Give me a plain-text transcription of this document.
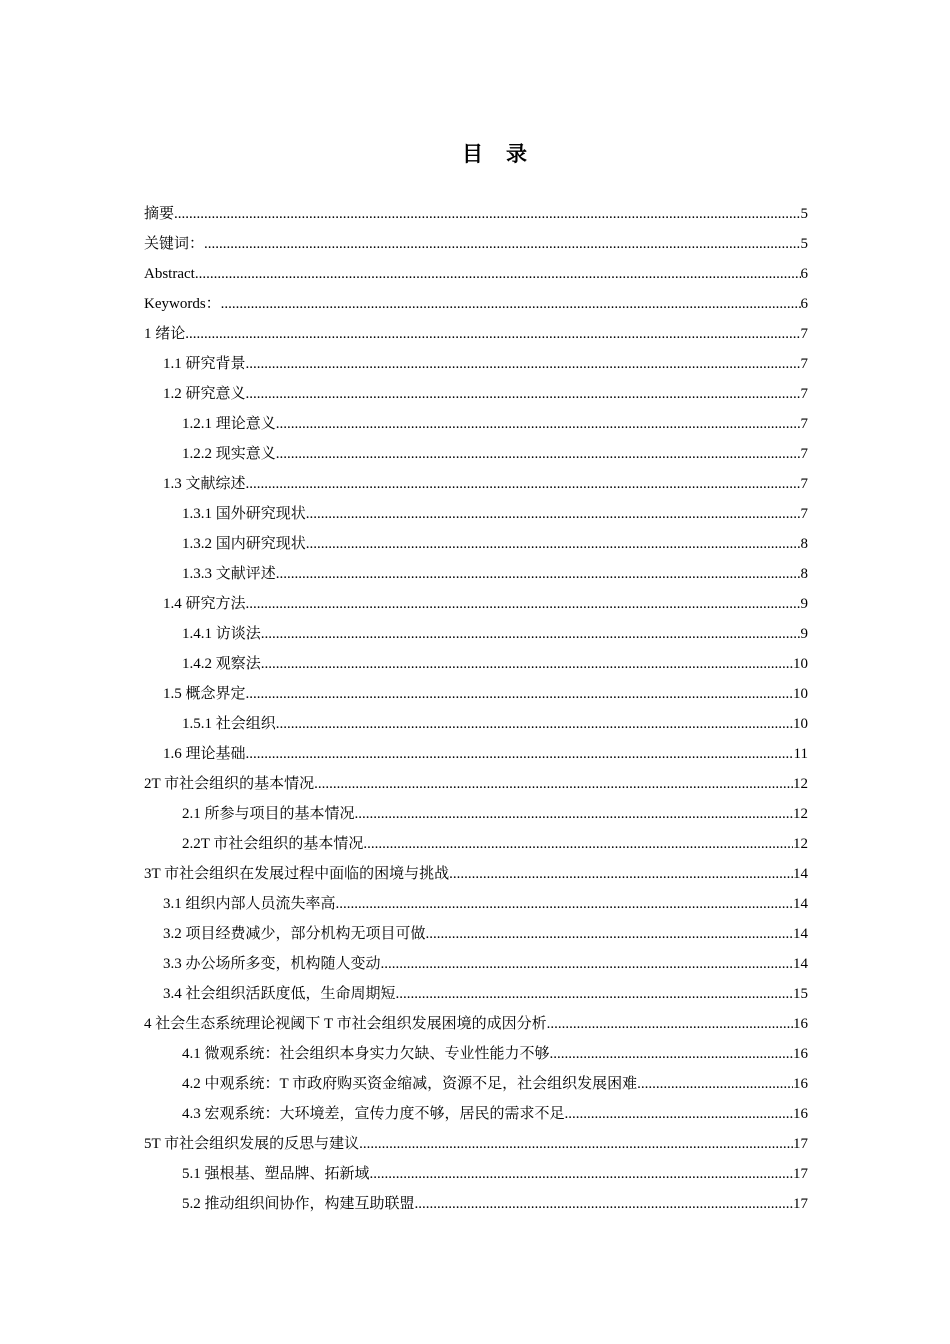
目 录
摘要 .....	5
关键词： .....	5
Abstract .....	6
Keywords： .....	6
1 绪论 .....	7
1.1 研究背景 .....	7
1.2 研究意义 .....	7
1.2.1 理论意义 .....	7
1.2.2 现实意义 .....	7
1.3 文献综述 .....	7
1.3.1 国外研究现状 .....	7
1.3.2 国内研究现状 .....	8
1.3.3 文献评述 .....	8
1.4 研究方法 .....	9
1.4.1 访谈法 .....	9
1.4.2 观察法 .....	10
1.5 概念界定 .....	10
1.5.1 社会组织 .....	10
1.6 理论基础 .....	11
2T 市社会组织的基本情况 .....	12
2.1 所参与项目的基本情况 .....	12
2.2T 市社会组织的基本情况 .....	12
3T 市社会组织在发展过程中面临的困境与挑战 .....	14
3.1 组织内部人员流失率高 .....	14
3.2 项目经费减少，部分机构无项目可做 .....	14
3.3 办公场所多变，机构随人变动 .....	14
3.4 社会组织活跃度低，生命周期短 .....	15
4 社会生态系统理论视阈下 T 市社会组织发展困境的成因分析 .....	16
4.1 微观系统：社会组织本身实力欠缺、专业性能力不够 .....	16
4.2 中观系统：T 市政府购买资金缩减，资源不足，社会组织发展困难 .....	16
4.3 宏观系统：大环境差，宣传力度不够，居民的需求不足 .....	16
5T 市社会组织发展的反思与建议 .....	17
5.1 强根基、塑品牌、拓新域 .....	17
5.2 推动组织间协作，构建互助联盟 .....	17
